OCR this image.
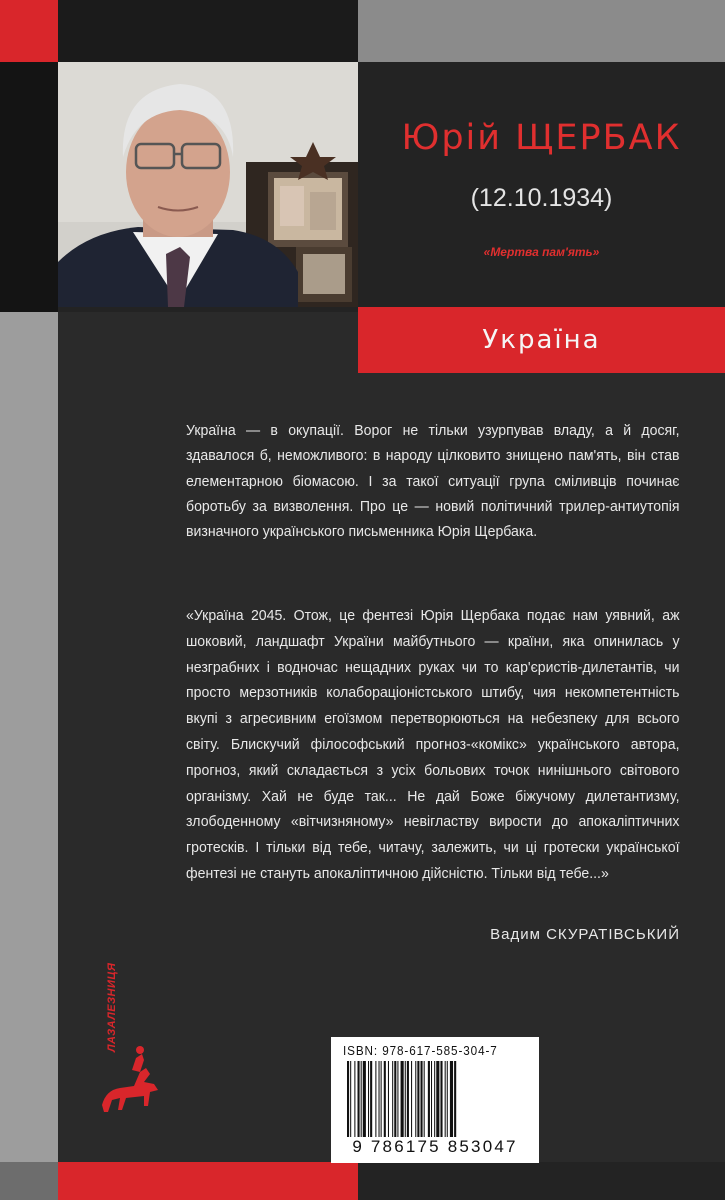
Юрій ЩЕРБАК
(12.10.1934)
«Мертва пам'ять»
Україна
Україна — в окупації. Ворог не тільки узурпував владу, а й досяг, здавалося б, неможливого: в народу цілковито знищено пам'ять, він став елементарною біомасою. І за такої ситуації група сміливців починає боротьбу за визволення. Про це — новий політичний трилер-антиутопія визначного українського письменника Юрія Щербака.
«Україна 2045. Отож, це фентезі Юрія Щербака подає нам уявний, аж шоковий, ландшафт України майбутнього — країни, яка опинилась у незграбних і водночас нещадних руках чи то кар'єристів-дилетантів, чи просто мерзотників колабораціоністського штибу, чия некомпетентність вкупі з агресивним егоїзмом перетворюються на небезпеку для всього світу. Блискучий філософський прогноз-«комікс» українського автора, прогноз, який складається з усіх больових точок нинішнього світового організму. Хай не буде так... Не дай Боже біжучому дилетантизму, злободенному «вітчизняному» невігластву вирости до апокаліптичних гротесків. І тільки від тебе, читачу, залежить, чи ці гротески української фентезі не стануть апокаліптичною дійсністю. Тільки від тебе...»
Вадим СКУРАТІВСЬКИЙ
ЛАЗАЛЕЗНИЦЯ	ISBN: 978-617-585-304-7
9 786175 853047
